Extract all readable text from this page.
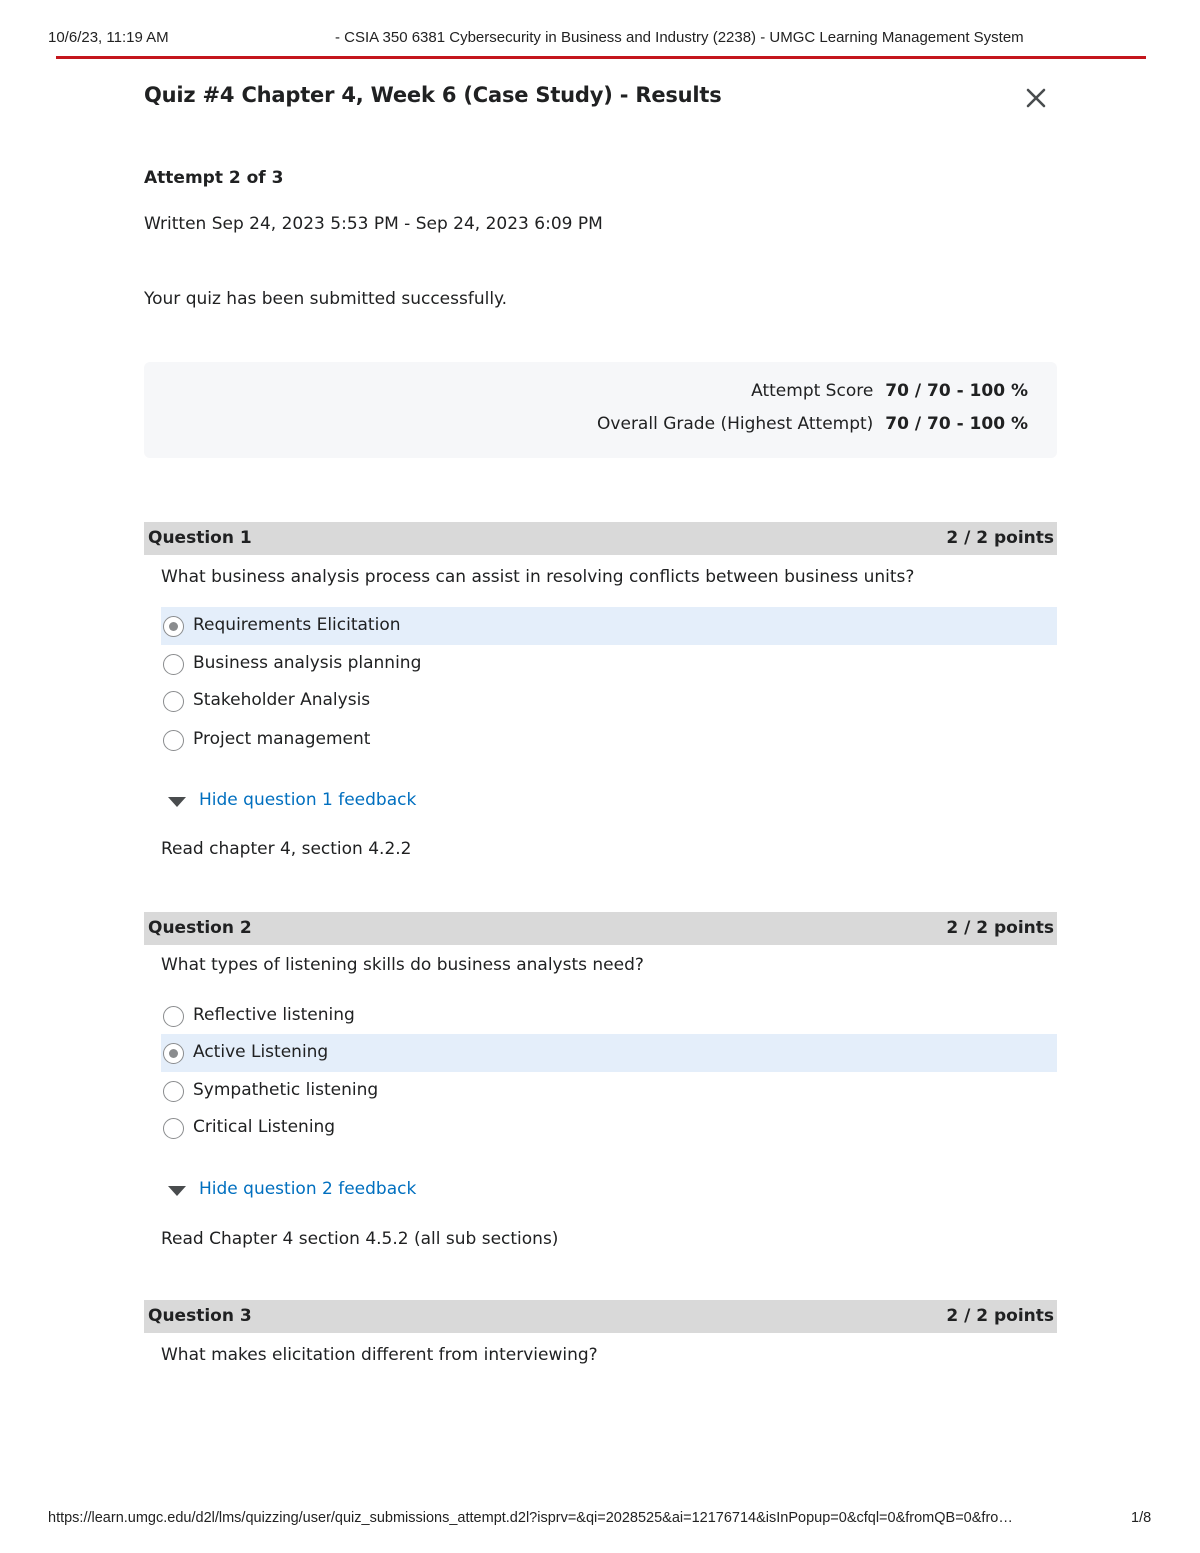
10/6/23, 11:19 AM	- CSIA 350 6381 Cybersecurity in Business and Industry (2238) - UMGC Learning Management System
Quiz #4 Chapter 4, Week 6 (Case Study) - Results
Attempt 2 of 3
Written Sep 24, 2023 5:53 PM - Sep 24, 2023 6:09 PM
Your quiz has been submitted successfully.
Attempt Score 70 / 70 - 100 %
Overall Grade (Highest Attempt) 70 / 70 - 100 %
Question 1	2 / 2 points
What business analysis process can assist in resolving conflicts between business units?
Requirements Elicitation
Business analysis planning
Stakeholder Analysis
Project management
Hide question 1 feedback
Read chapter 4, section 4.2.2
Question 2	2 / 2 points
What types of listening skills do business analysts need?
Reflective listening
Active Listening
Sympathetic listening
Critical Listening
Hide question 2 feedback
Read Chapter 4 section 4.5.2 (all sub sections)
Question 3	2 / 2 points
What makes elicitation different from interviewing?
https://learn.umgc.edu/d2l/lms/quizzing/user/quiz_submissions_attempt.d2l?isprv=&qi=2028525&ai=12176714&isInPopup=0&cfql=0&fromQB=0&fro…	1/8
